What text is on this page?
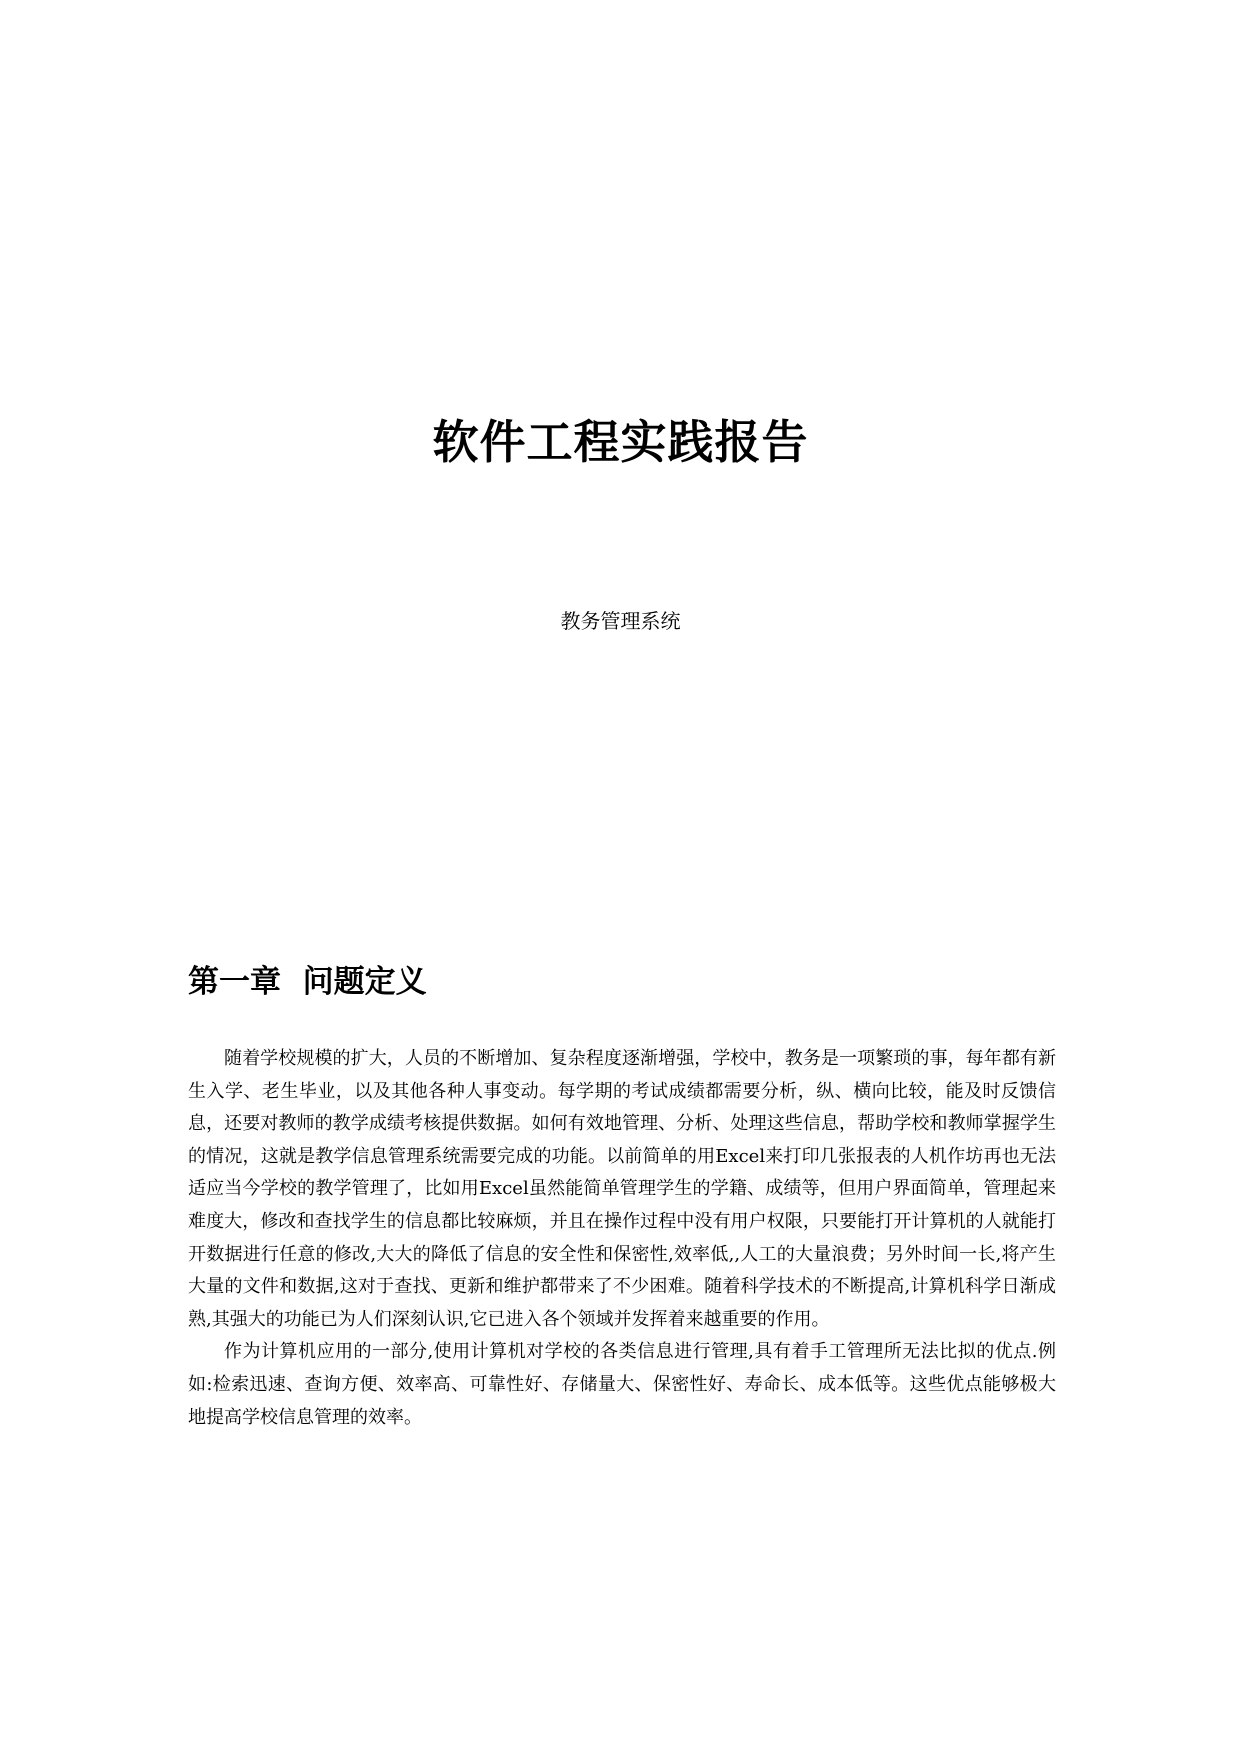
软件工程实践报告
教务管理系统
第一章  问题定义

随着学校规模的扩大，人员的不断增加、复杂程度逐渐增强，学校中，教务是一项繁琐的事，每年都有新生入学、老生毕业，以及其他各种人事变动。每学期的考试成绩都需要分析，纵、横向比较，能及时反馈信息，还要对教师的教学成绩考核提供数据。如何有效地管理、分析、处理这些信息，帮助学校和教师掌握学生的情况，这就是教学信息管理系统需要完成的功能。以前简单的用Excel来打印几张报表的人机作坊再也无法适应当今学校的教学管理了，比如用Excel虽然能简单管理学生的学籍、成绩等，但用户界面简单，管理起来难度大，修改和查找学生的信息都比较麻烦，并且在操作过程中没有用户权限，只要能打开计算机的人就能打开数据进行任意的修改,大大的降低了信息的安全性和保密性,效率低,,人工的大量浪费；另外时间一长,将产生大量的文件和数据,这对于查找、更新和维护都带来了不少困难。随着科学技术的不断提高,计算机科学日渐成熟,其强大的功能已为人们深刻认识,它已进入各个领域并发挥着来越重要的作用。

作为计算机应用的一部分,使用计算机对学校的各类信息进行管理,具有着手工管理所无法比拟的优点.例如:检索迅速、查询方便、效率高、可靠性好、存储量大、保密性好、寿命长、成本低等。这些优点能够极大地提高学校信息管理的效率。
